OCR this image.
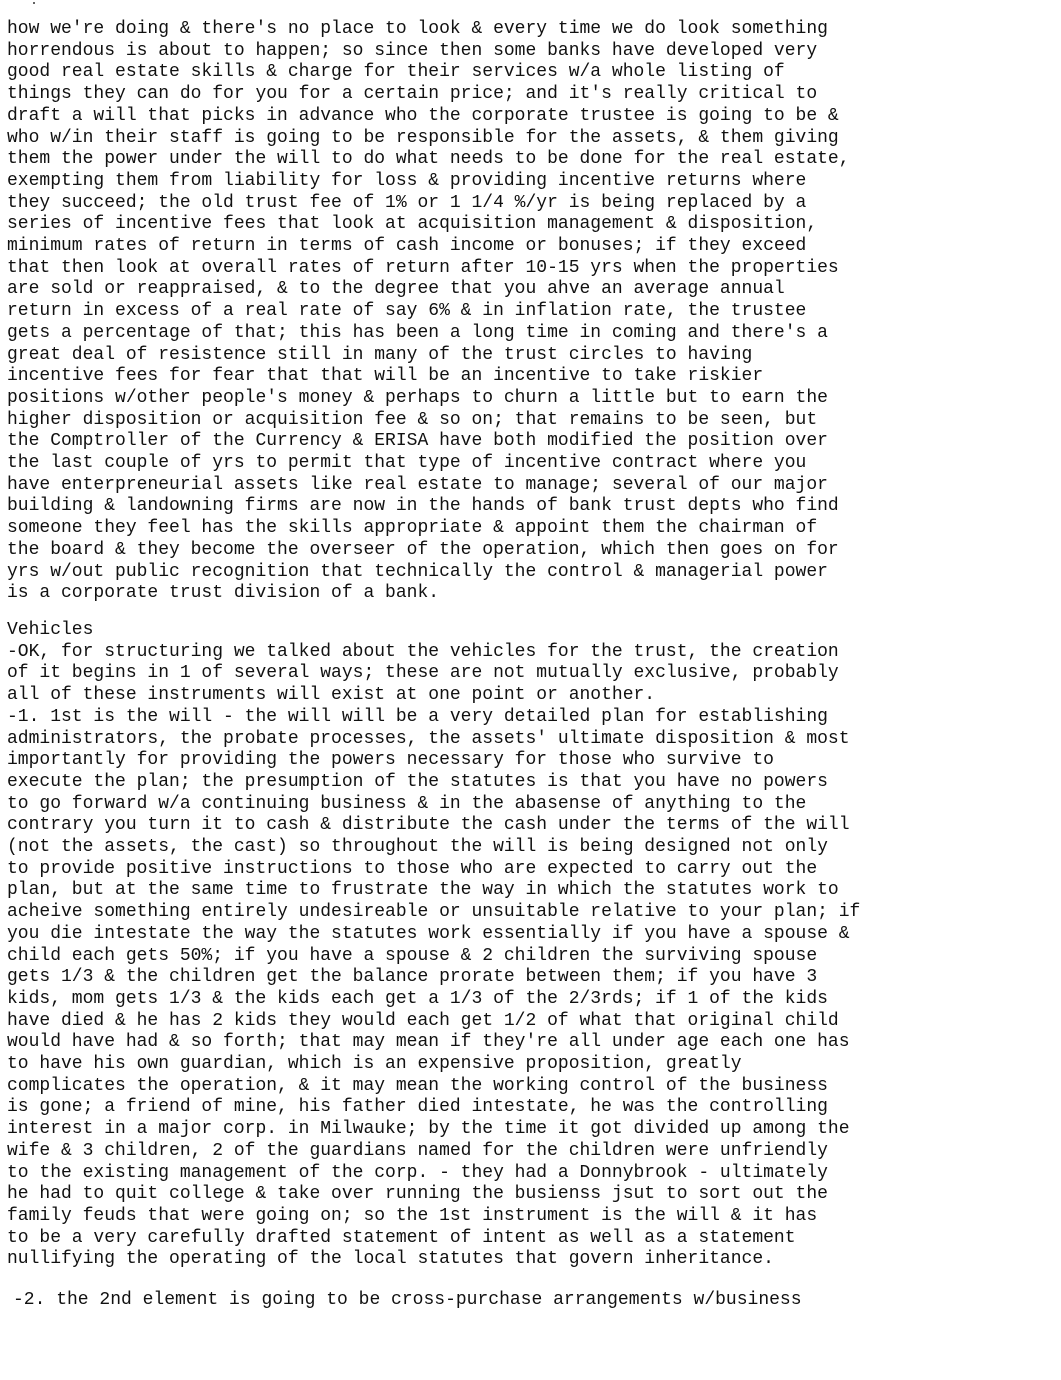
how we're doing & there's no place to look & every time we do look something
horrendous is about to happen; so since then some banks have developed very
good real estate skills & charge for their services w/a whole listing of
things they can do for you for a certain price; and it's really critical to
draft a will that picks in advance who the corporate trustee is going to be &
who w/in their staff is going to be responsible for the assets, & them giving
them the power under the will to do what needs to be done for the real estate,
exempting them from liability for loss & providing incentive returns where
they succeed; the old trust fee of 1% or 1 1/4 %/yr is being replaced by a
series of incentive fees that look at acquisition management & disposition,
minimum rates of return in terms of cash income or bonuses; if they exceed
that then look at overall rates of return after 10-15 yrs when the properties
are sold or reappraised, & to the degree that you ahve an average annual
return in excess of a real rate of say 6% & in inflation rate, the trustee
gets a percentage of that; this has been a long time in coming and there's a
great deal of resistence still in many of the trust circles to having
incentive fees for fear that that will be an incentive to take riskier
positions w/other people's money & perhaps to churn a little but to earn the
higher disposition or acquisition fee & so on; that remains to be seen, but
the Comptroller of the Currency & ERISA have both modified the position over
the last couple of yrs to permit that type of incentive contract where you
have enterpreneurial assets like real estate to manage; several of our major
building & landowning firms are now in the hands of bank trust depts who find
someone they feel has the skills appropriate & appoint them the chairman of
the board & they become the overseer of the operation, which then goes on for
yrs w/out public recognition that technically the control & managerial power
is a corporate trust division of a bank.

Vehicles
-OK, for structuring we talked about the vehicles for the trust, the creation
of it begins in 1 of several ways; these are not mutually exclusive, probably
all of these instruments will exist at one point or another.
-1. 1st is the will - the will will be a very detailed plan for establishing
administrators, the probate processes, the assets' ultimate disposition & most
importantly for providing the powers necessary for those who survive to
execute the plan; the presumption of the statutes is that you have no powers
to go forward w/a continuing business & in the abasense of anything to the
contrary you turn it to cash & distribute the cash under the terms of the will
(not the assets, the cast) so throughout the will is being designed not only
to provide positive instructions to those who are expected to carry out the
plan, but at the same time to frustrate the way in which the statutes work to
acheive something entirely undesireable or unsuitable relative to your plan; if
you die intestate the way the statutes work essentially if you have a spouse &
child each gets 50%; if you have a spouse & 2 children the surviving spouse
gets 1/3 & the children get the balance prorate between them; if you have 3
kids, mom gets 1/3 & the kids each get a 1/3 of the 2/3rds; if 1 of the kids
have died & he has 2 kids they would each get 1/2 of what that original child
would have had & so forth; that may mean if they're all under age each one has
to have his own guardian, which is an expensive proposition, greatly
complicates the operation, & it may mean the working control of the business
is gone; a friend of mine, his father died intestate, he was the controlling
interest in a major corp. in Milwauke; by the time it got divided up among the
wife & 3 children, 2 of the guardians named for the children were unfriendly
to the existing management of the corp. - they had a Donnybrook - ultimately
he had to quit college & take over running the busienss jsut to sort out the
family feuds that were going on; so the 1st instrument is the will & it has
to be a very carefully drafted statement of intent as well as a statement
nullifying the operating of the local statutes that govern inheritance.

-2. the 2nd element is going to be cross-purchase arrangements w/business
